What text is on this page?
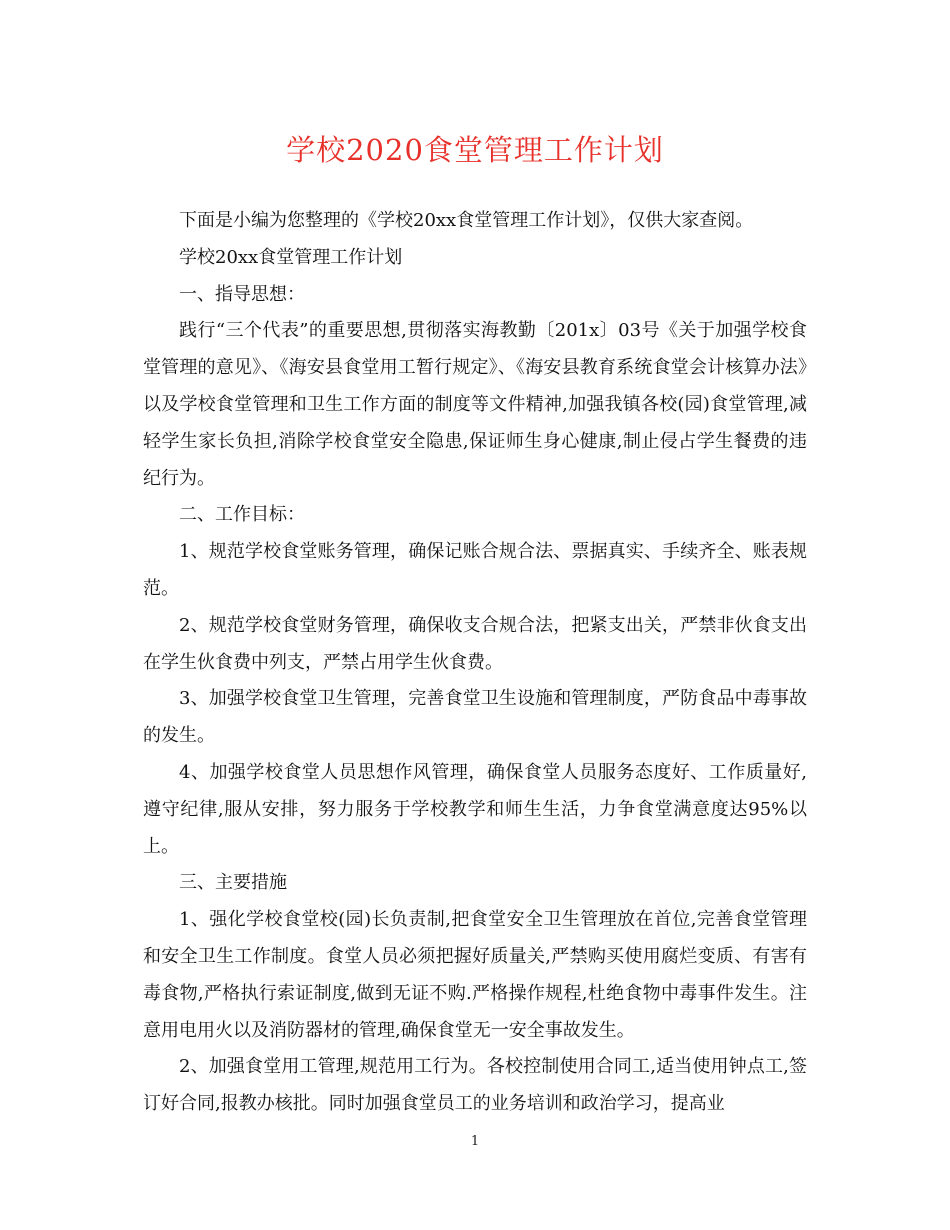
学校2020食堂管理工作计划

下面是小编为您整理的《学校20xx食堂管理工作计划》，仅供大家查阅。

学校20xx食堂管理工作计划

一、指导思想：

践行“三个代表”的重要思想,贯彻落实海教勤〔201x〕03号《关于加强学校食堂管理的意见》、《海安县食堂用工暂行规定》、《海安县教育系统食堂会计核算办法》以及学校食堂管理和卫生工作方面的制度等文件精神,加强我镇各校(园)食堂管理,减轻学生家长负担,消除学校食堂安全隐患,保证师生身心健康,制止侵占学生餐费的违纪行为。

二、工作目标：

1、规范学校食堂账务管理，确保记账合规合法、票据真实、手续齐全、账表规范。

2、规范学校食堂财务管理，确保收支合规合法，把紧支出关，严禁非伙食支出在学生伙食费中列支，严禁占用学生伙食费。

3、加强学校食堂卫生管理，完善食堂卫生设施和管理制度，严防食品中毒事故的发生。

4、加强学校食堂人员思想作风管理，确保食堂人员服务态度好、工作质量好,遵守纪律,服从安排，努力服务于学校教学和师生生活，力争食堂满意度达95%以上。

三、主要措施

1、强化学校食堂校(园)长负责制,把食堂安全卫生管理放在首位,完善食堂管理和安全卫生工作制度。食堂人员必须把握好质量关,严禁购买使用腐烂变质、有害有毒食物,严格执行索证制度,做到无证不购.严格操作规程,杜绝食物中毒事件发生。注意用电用火以及消防器材的管理,确保食堂无一安全事故发生。

2、加强食堂用工管理,规范用工行为。各校控制使用合同工,适当使用钟点工,签订好合同,报教办核批。同时加强食堂员工的业务培训和政治学习，提高业

1
